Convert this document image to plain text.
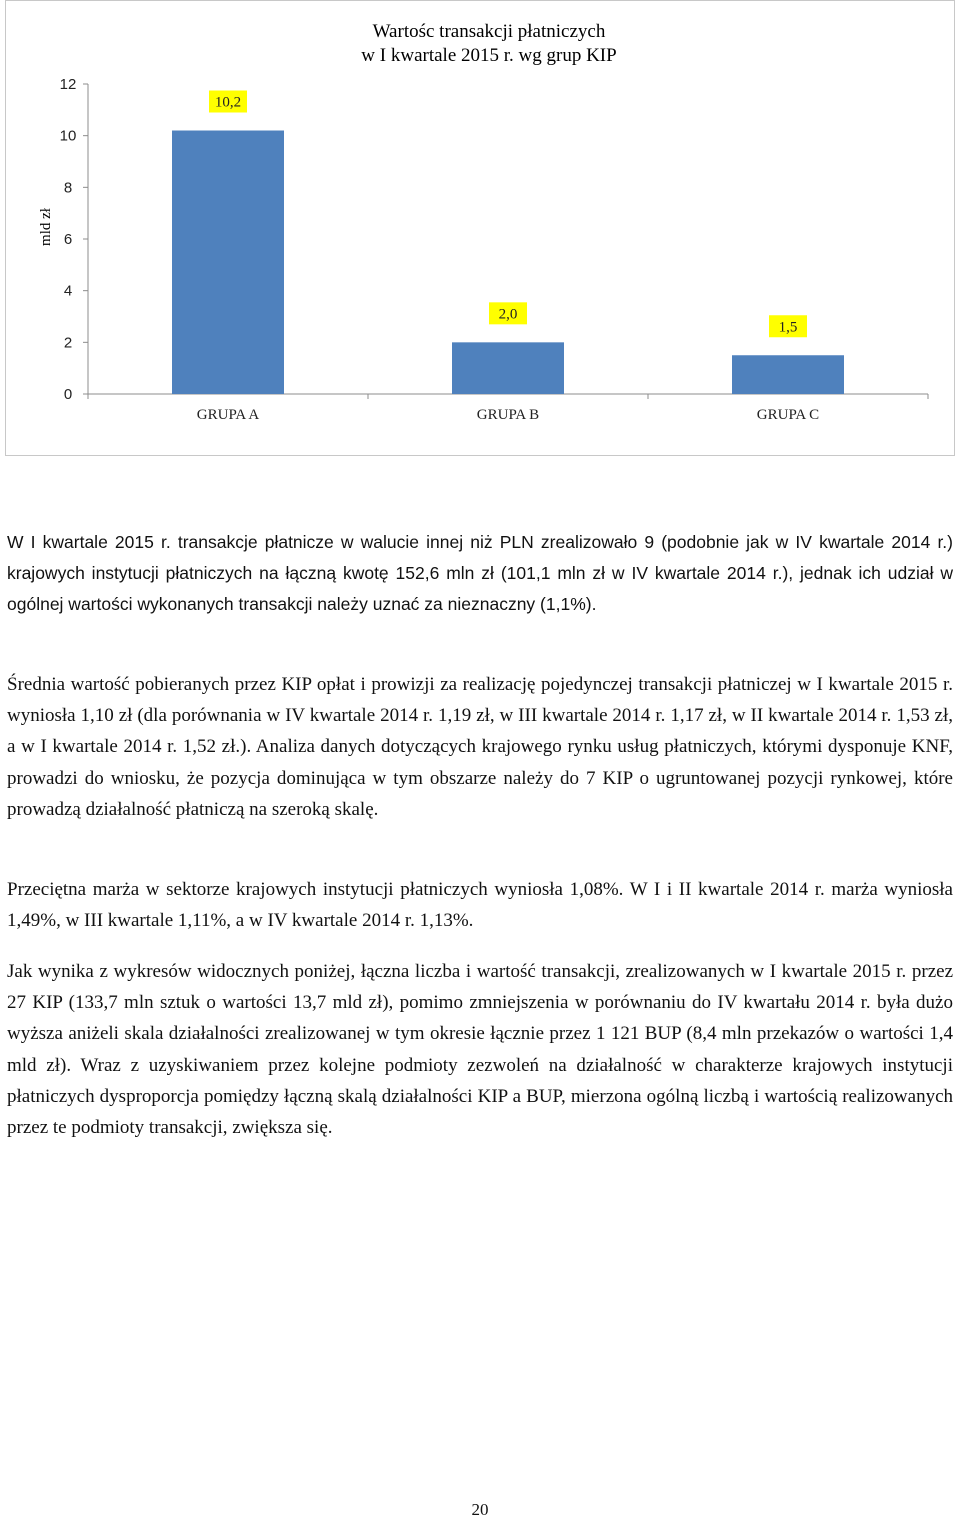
Wartośc transakcji płatniczych
w I kwartale 2015 r. wg grup KIP
mld zł
0
2
4
6
8
10
12
GRUPA A
10,2
GRUPA B
2,0
GRUPA C
1,5

W I kwartale 2015 r. transakcje płatnicze w walucie innej niż PLN zrealizowało 9 (podobnie jak w IV kwartale 2014 r.) krajowych instytucji płatniczych na łączną kwotę 152,6 mln zł (101,1 mln zł w IV kwartale 2014 r.), jednak ich udział w ogólnej wartości wykonanych transakcji należy uznać za nieznaczny (1,1%).

Średnia wartość pobieranych przez KIP opłat i prowizji za realizację pojedynczej transakcji płatniczej w I kwartale 2015 r. wyniosła 1,10 zł (dla porównania w IV kwartale 2014 r. 1,19 zł, w III kwartale 2014 r. 1,17 zł, w II kwartale 2014 r. 1,53 zł, a w I kwartale 2014 r. 1,52 zł.). Analiza danych dotyczących krajowego rynku usług płatniczych, którymi dysponuje KNF, prowadzi do wniosku, że pozycja dominująca w tym obszarze należy do 7 KIP o ugruntowanej pozycji rynkowej, które prowadzą działalność płatniczą na szeroką skalę.

Przeciętna marża w sektorze krajowych instytucji płatniczych wyniosła 1,08%. W I i II kwartale 2014 r. marża wyniosła 1,49%, w III kwartale 1,11%, a w IV kwartale 2014 r. 1,13%.

Jak wynika z wykresów widocznych poniżej, łączna liczba i wartość transakcji, zrealizowanych w I kwartale 2015 r. przez 27 KIP (133,7 mln sztuk o wartości 13,7 mld zł), pomimo zmniejszenia w porównaniu do IV kwartału 2014 r. była dużo wyższa aniżeli skala działalności zrealizowanej w tym okresie łącznie przez 1 121 BUP (8,4 mln przekazów o wartości 1,4 mld zł). Wraz z uzyskiwaniem przez kolejne podmioty zezwoleń na działalność w charakterze krajowych instytucji płatniczych dysproporcja pomiędzy łączną skalą działalności KIP a BUP, mierzona ogólną liczbą i wartością realizowanych przez te podmioty transakcji, zwiększa się.

20
